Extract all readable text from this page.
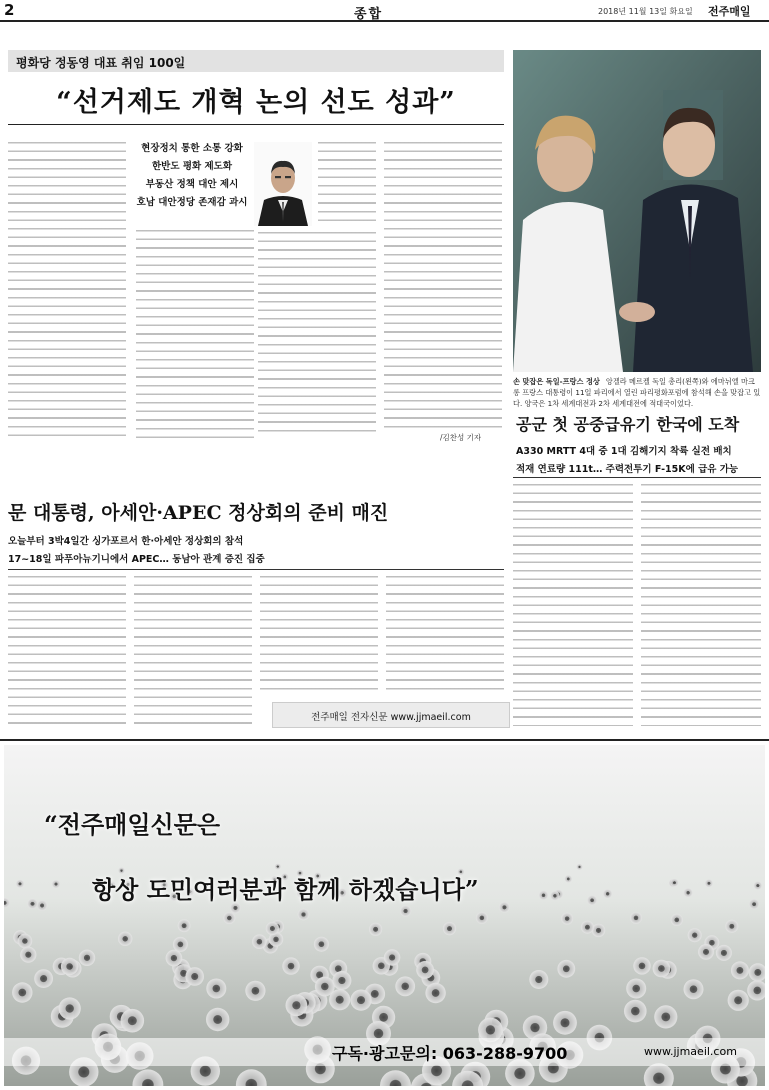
2	종합	2018년 11월 13일 화요일 전주매일
평화당 정동영 대표 취임 100일
“선거제도 개혁 논의 선도 성과”
현장정치 통한 소통 강화
한반도 평화 제도화
부동산 정책 대안 제시
호남 대안정당 존재감 과시
/김찬성 기자
손 맞잡은 독일-프랑스 정상 앙겔라 메르켈 독일 총리(왼쪽)와 에마뉘엘 마크롱 프랑스 대통령이 11일 파리에서 열린 파리평화포럼에 참석해 손을 맞잡고 있다. 양국은 1차 세계대전과 2차 세계대전에 적대국이었다.
공군 첫 공중급유기 한국에 도착
A330 MRTT 4대 중 1대 김해기지 착륙 실전 배치
적재 연료량 111t… 주력전투기 F-15K에 급유 가능
문 대통령, 아세안·APEC 정상회의 준비 매진
오늘부터 3박4일간 싱가포르서 한·아세안 정상회의 참석
17~18일 파푸아뉴기니에서 APEC… 동남아 관계 증진 집중
전주매일 전자신문 www.jjmaeil.com
“전주매일신문은
항상 도민여러분과 함께 하겠습니다”
구독·광고문의: 063-288-9700	www.jjmaeil.com
